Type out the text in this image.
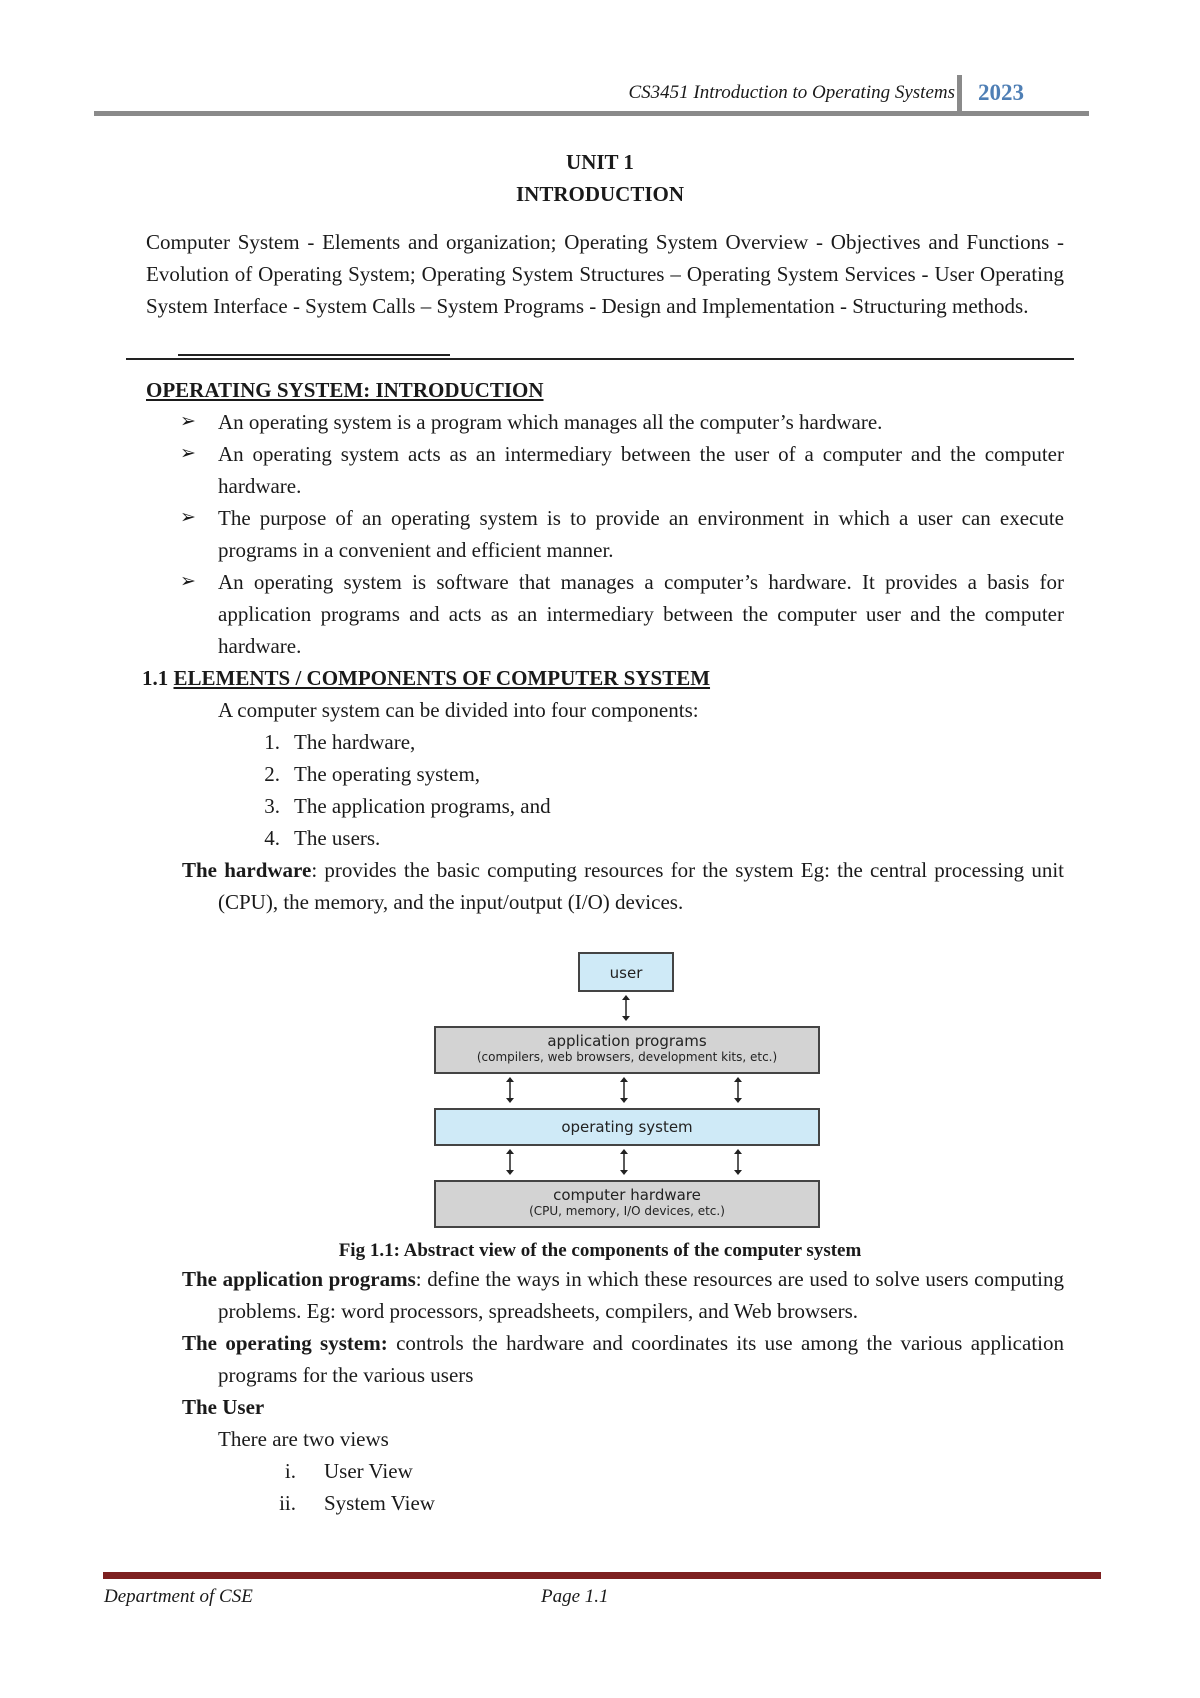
CS3451 Introduction to Operating Systems 2023
UNIT 1
INTRODUCTION
Computer System - Elements and organization; Operating System Overview - Objectives and Functions - Evolution of Operating System; Operating System Structures – Operating System Services - User Operating System Interface - System Calls – System Programs - Design and Implementation - Structuring methods.

OPERATING SYSTEM: INTRODUCTION

➢ An operating system is a program which manages all the computer’s hardware.
➢ An operating system acts as an intermediary between the user of a computer and the computer hardware.
➢ The purpose of an operating system is to provide an environment in which a user can execute programs in a convenient and efficient manner.
➢ An operating system is software that manages a computer’s hardware. It provides a basis for application programs and acts as an intermediary between the computer user and the computer hardware.

1.1 ELEMENTS / COMPONENTS OF COMPUTER SYSTEM

A computer system can be divided into four components:
1. The hardware,
2. The operating system,
3. The application programs, and
4. The users.
The hardware: provides the basic computing resources for the system Eg: the central processing unit (CPU), the memory, and the input/output (I/O) devices.
user
application programs
(compilers, web browsers, development kits, etc.)
operating system
computer hardware
(CPU, memory, I/O devices, etc.)
Fig 1.1: Abstract view of the components of the computer system
The application programs: define the ways in which these resources are used to solve users computing problems. Eg: word processors, spreadsheets, compilers, and Web browsers.
The operating system: controls the hardware and coordinates its use among the various application programs for the various users
The User
There are two views
i. User View
ii. System View
Department of CSE	Page 1.1
